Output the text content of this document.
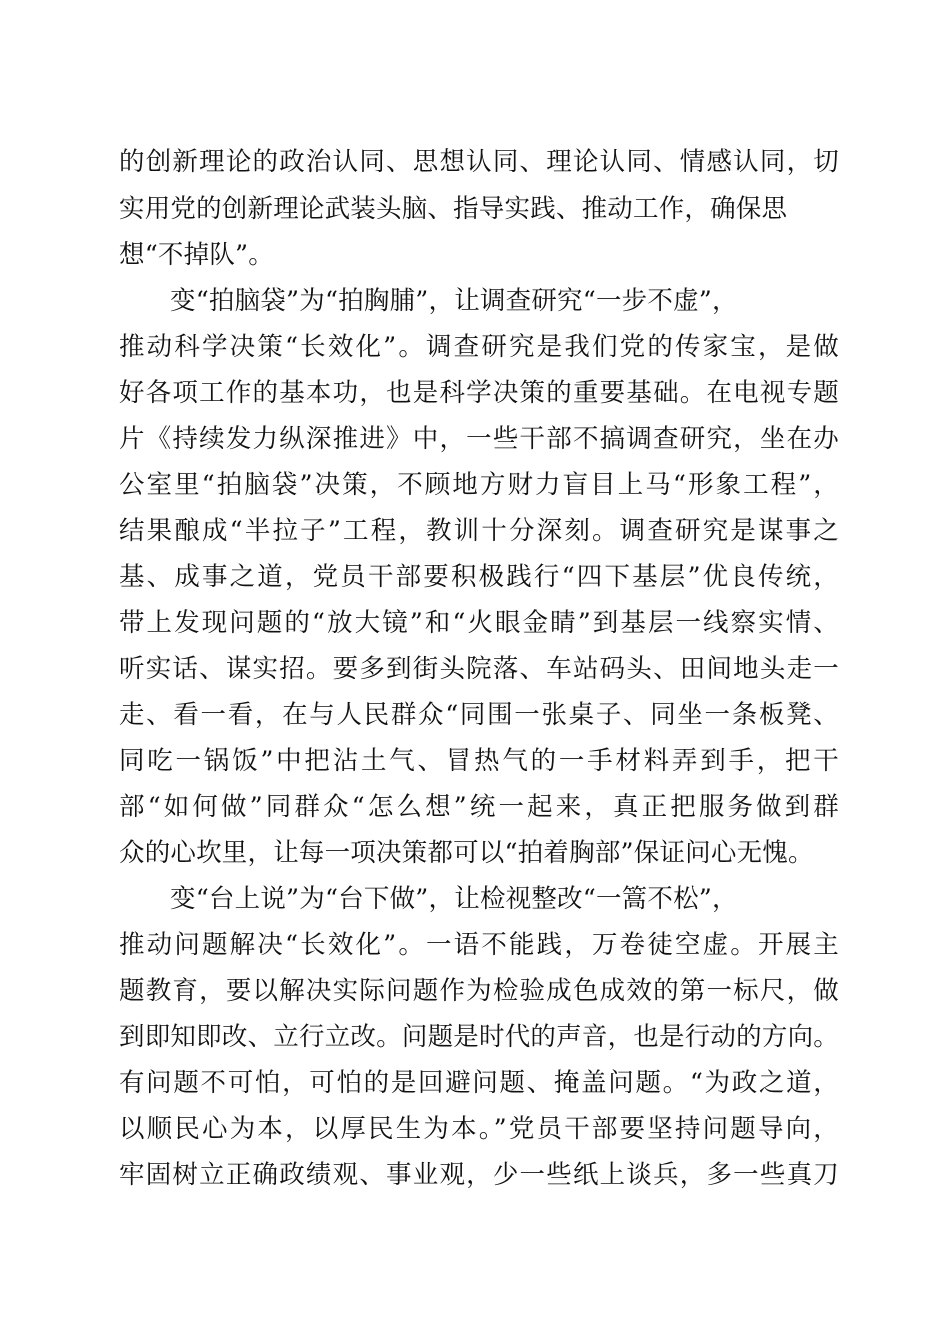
的创新理论的政治认同、思想认同、理论认同、情感认同，切
实用党的创新理论武装头脑、指导实践、推动工作，确保思
想“不掉队”。
变“拍脑袋”为“拍胸脯”，让调查研究“一步不虚”，
推动科学决策“长效化”。调查研究是我们党的传家宝，是做
好各项工作的基本功，也是科学决策的重要基础。在电视专题
片《持续发力纵深推进》中，一些干部不搞调查研究，坐在办
公室里“拍脑袋”决策，不顾地方财力盲目上马“形象工程”，
结果酿成“半拉子”工程，教训十分深刻。调查研究是谋事之
基、成事之道，党员干部要积极践行“四下基层”优良传统，
带上发现问题的“放大镜”和“火眼金睛”到基层一线察实情、
听实话、谋实招。要多到街头院落、车站码头、田间地头走一
走、看一看，在与人民群众“同围一张桌子、同坐一条板凳、
同吃一锅饭”中把沾土气、冒热气的一手材料弄到手，把干
部“如何做”同群众“怎么想”统一起来，真正把服务做到群
众的心坎里，让每一项决策都可以“拍着胸部”保证问心无愧。
变“台上说”为“台下做”，让检视整改“一篙不松”，
推动问题解决“长效化”。一语不能践，万卷徒空虚。开展主
题教育，要以解决实际问题作为检验成色成效的第一标尺，做
到即知即改、立行立改。问题是时代的声音，也是行动的方向。
有问题不可怕，可怕的是回避问题、掩盖问题。“为政之道，
以顺民心为本，以厚民生为本。”党员干部要坚持问题导向，
牢固树立正确政绩观、事业观，少一些纸上谈兵，多一些真刀
